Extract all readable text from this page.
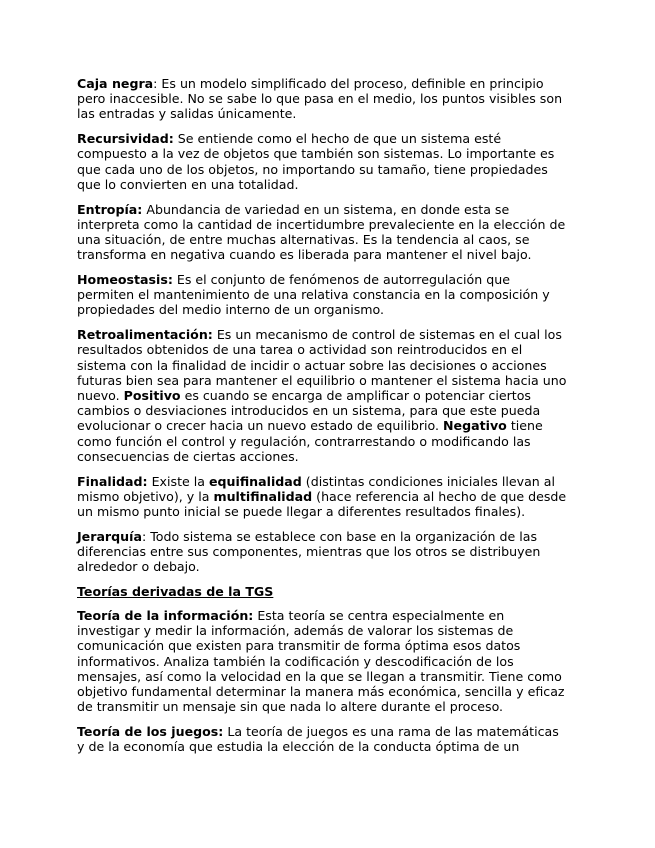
Caja negra: Es un modelo simplificado del proceso, definible en principio
pero inaccesible. No se sabe lo que pasa en el medio, los puntos visibles son
las entradas y salidas únicamente.

Recursividad: Se entiende como el hecho de que un sistema esté
compuesto a la vez de objetos que también son sistemas. Lo importante es
que cada uno de los objetos, no importando su tamaño, tiene propiedades
que lo convierten en una totalidad.

Entropía: Abundancia de variedad en un sistema, en donde esta se
interpreta como la cantidad de incertidumbre prevaleciente en la elección de
una situación, de entre muchas alternativas. Es la tendencia al caos, se
transforma en negativa cuando es liberada para mantener el nivel bajo.

Homeostasis: Es el conjunto de fenómenos de autorregulación que
permiten el mantenimiento de una relativa constancia en la composición y
propiedades del medio interno de un organismo.

Retroalimentación: Es un mecanismo de control de sistemas en el cual los
resultados obtenidos de una tarea o actividad son reintroducidos en el
sistema con la finalidad de incidir o actuar sobre las decisiones o acciones
futuras bien sea para mantener el equilibrio o mantener el sistema hacia uno
nuevo. Positivo es cuando se encarga de amplificar o potenciar ciertos
cambios o desviaciones introducidos en un sistema, para que este pueda
evolucionar o crecer hacia un nuevo estado de equilibrio. Negativo tiene
como función el control y regulación, contrarrestando o modificando las
consecuencias de ciertas acciones.

Finalidad: Existe la equifinalidad (distintas condiciones iniciales llevan al
mismo objetivo), y la multifinalidad (hace referencia al hecho de que desde
un mismo punto inicial se puede llegar a diferentes resultados finales).

Jerarquía: Todo sistema se establece con base en la organización de las
diferencias entre sus componentes, mientras que los otros se distribuyen
alrededor o debajo.

Teorías derivadas de la TGS

Teoría de la información: Esta teoría se centra especialmente en
investigar y medir la información, además de valorar los sistemas de
comunicación que existen para transmitir de forma óptima esos datos
informativos. Analiza también la codificación y descodificación de los
mensajes, así como la velocidad en la que se llegan a transmitir. Tiene como
objetivo fundamental determinar la manera más económica, sencilla y eficaz
de transmitir un mensaje sin que nada lo altere durante el proceso.

Teoría de los juegos: La teoría de juegos es una rama de las matemáticas
y de la economía que estudia la elección de la conducta óptima de un
